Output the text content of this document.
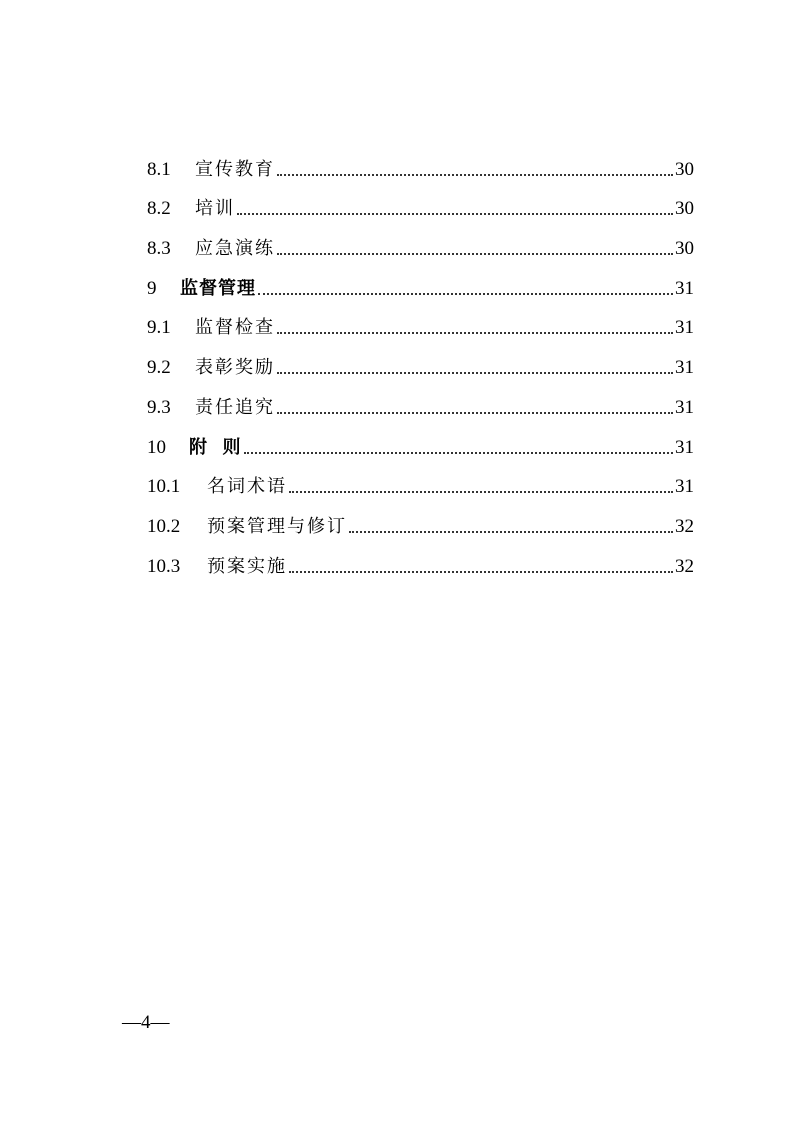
8.1	宣传教育	30
8.2	培训	30
8.3	应急演练	30
9	监督管理	31
9.1	监督检查	31
9.2	表彰奖励	31
9.3	责任追究	31
10	附  则	31
10.1	名词术语	31
10.2	预案管理与修订	32
10.3	预案实施	32
—4—
